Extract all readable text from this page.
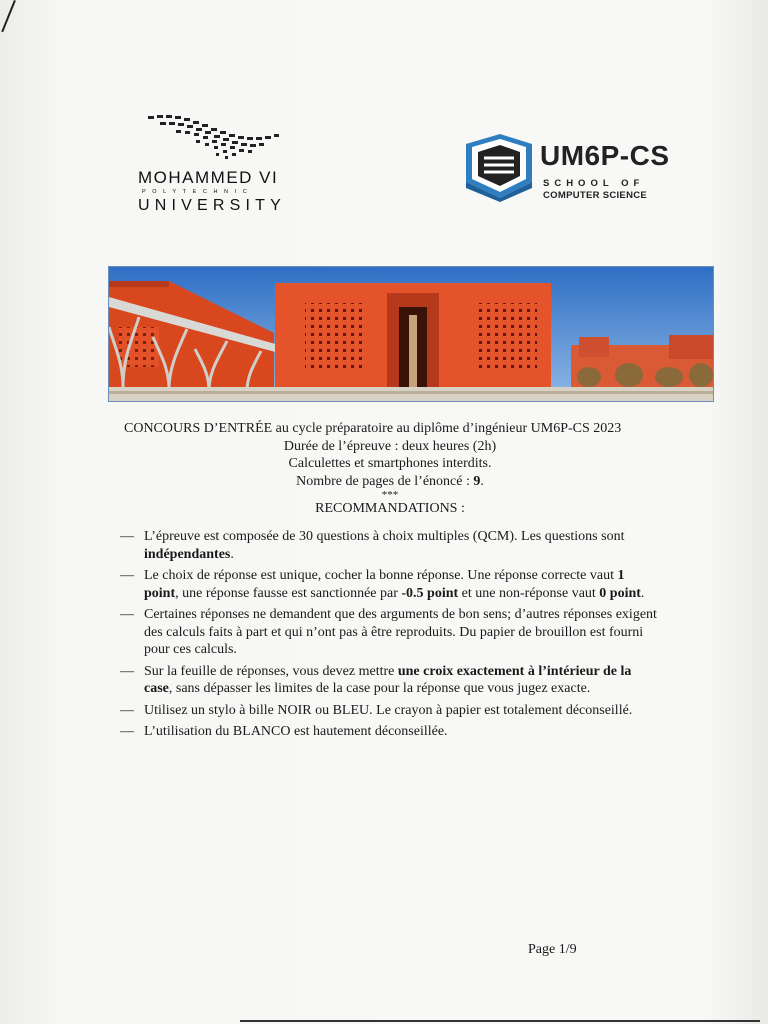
MOHAMMED VI
POLYTECHNIC
UNIVERSITY
UM6P-CS
SCHOOL OF
COMPUTER SCIENCE
CONCOURS D’ENTRÉE au cycle préparatoire au diplôme d’ingénieur UM6P-CS 2023
Durée de l’épreuve : deux heures (2h)
Calculettes et smartphones interdits.
Nombre de pages de l’énoncé : 9.
***
RECOMMANDATIONS :
— L’épreuve est composée de 30 questions à choix multiples (QCM). Les questions sont indépendantes.
— Le choix de réponse est unique, cocher la bonne réponse. Une réponse correcte vaut 1 point, une réponse fausse est sanctionnée par -0.5 point et une non-réponse vaut 0 point.
— Certaines réponses ne demandent que des arguments de bon sens; d’autres réponses exigent des calculs faits à part et qui n’ont pas à être reproduits. Du papier de brouillon est fourni pour ces calculs.
— Sur la feuille de réponses, vous devez mettre une croix exactement à l’intérieur de la case, sans dépasser les limites de la case pour la réponse que vous jugez exacte.
— Utilisez un stylo à bille NOIR ou BLEU. Le crayon à papier est totalement déconseillé.
— L’utilisation du BLANCO est hautement déconseillée.
Page 1/9
